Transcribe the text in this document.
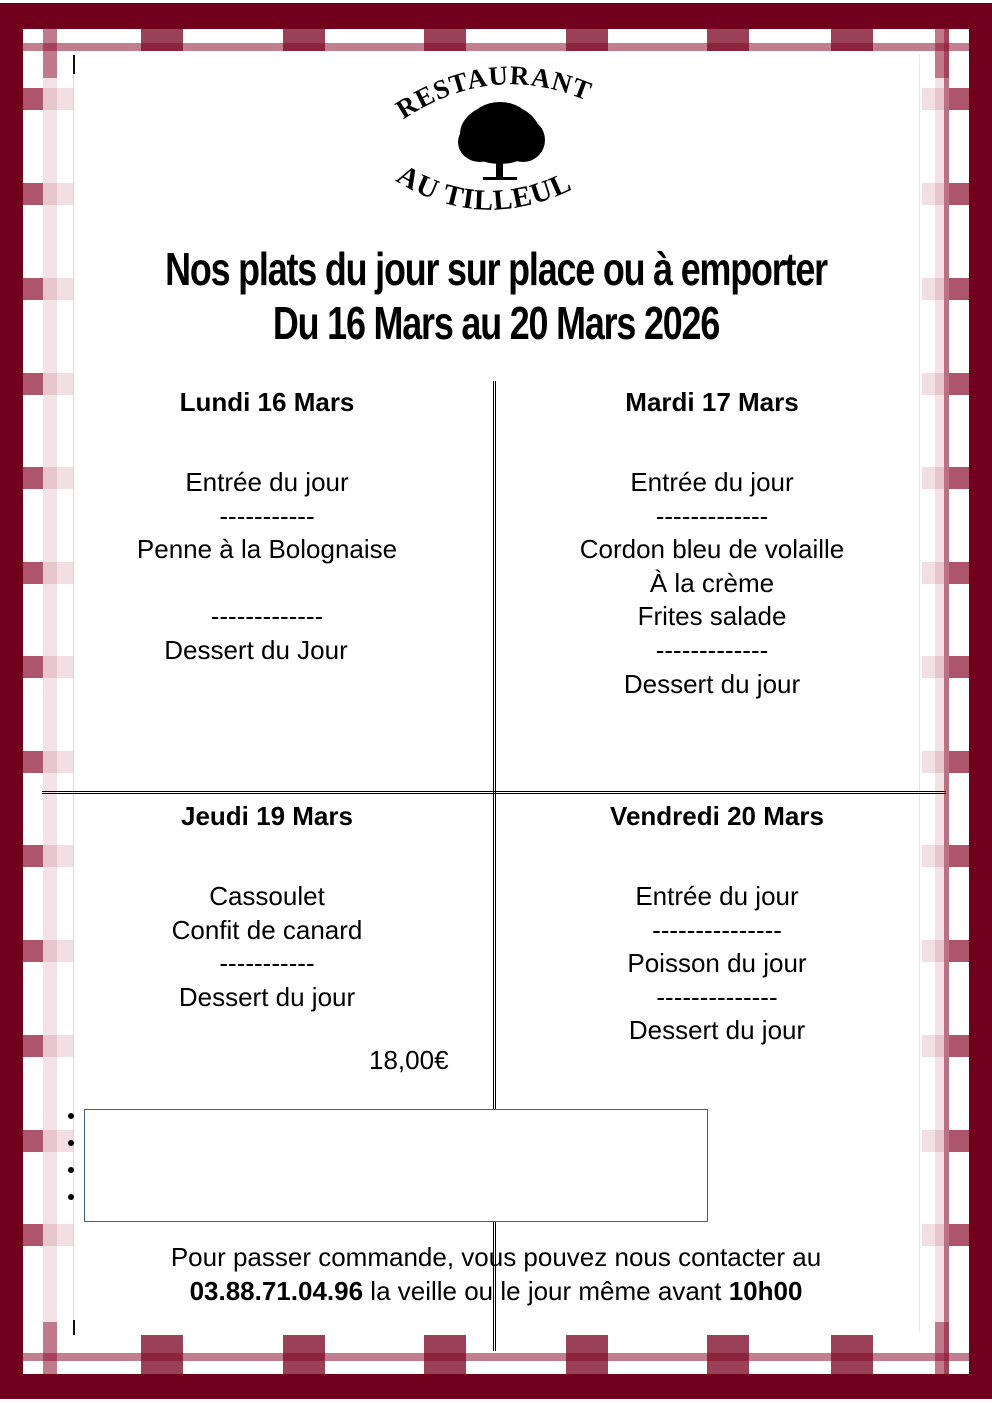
RESTAURANT
AU TILLEUL
Nos plats du jour sur place ou à emporter
Du 16 Mars au 20 Mars 2026
Lundi 16 Mars
Entrée du jour
-----------
Penne à la Bolognaise
-------------
Dessert du Jour
Mardi 17 Mars
Entrée du jour
-------------
Cordon bleu de volaille
À la crème
Frites salade
-------------
Dessert du jour
Jeudi 19 Mars
Cassoulet
Confit de canard
-----------
Dessert du jour
18,00€
Vendredi 20 Mars
Entrée du jour
---------------
Poisson du jour
--------------
Dessert du jour
Pour passer commande, vous pouvez nous contacter au
03.88.71.04.96 la veille ou le jour même avant 10h00
